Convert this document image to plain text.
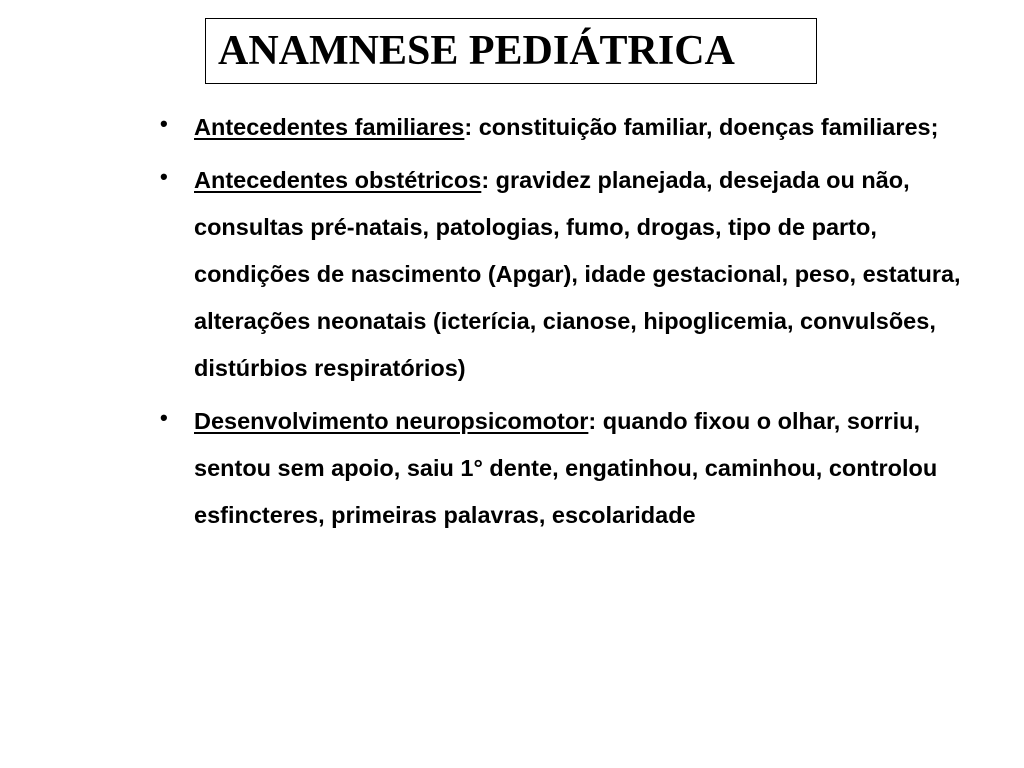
ANAMNESE PEDIÁTRICA
• Antecedentes familiares: constituição familiar, doenças familiares;
• Antecedentes obstétricos: gravidez planejada, desejada ou não, consultas pré-natais, patologias, fumo, drogas, tipo de parto, condições de nascimento (Apgar), idade gestacional, peso, estatura, alterações neonatais (icterícia, cianose, hipoglicemia, convulsões, distúrbios respiratórios)
• Desenvolvimento neuropsicomotor: quando fixou o olhar, sorriu, sentou sem apoio, saiu 1° dente, engatinhou, caminhou, controlou esfincteres, primeiras palavras, escolaridade
